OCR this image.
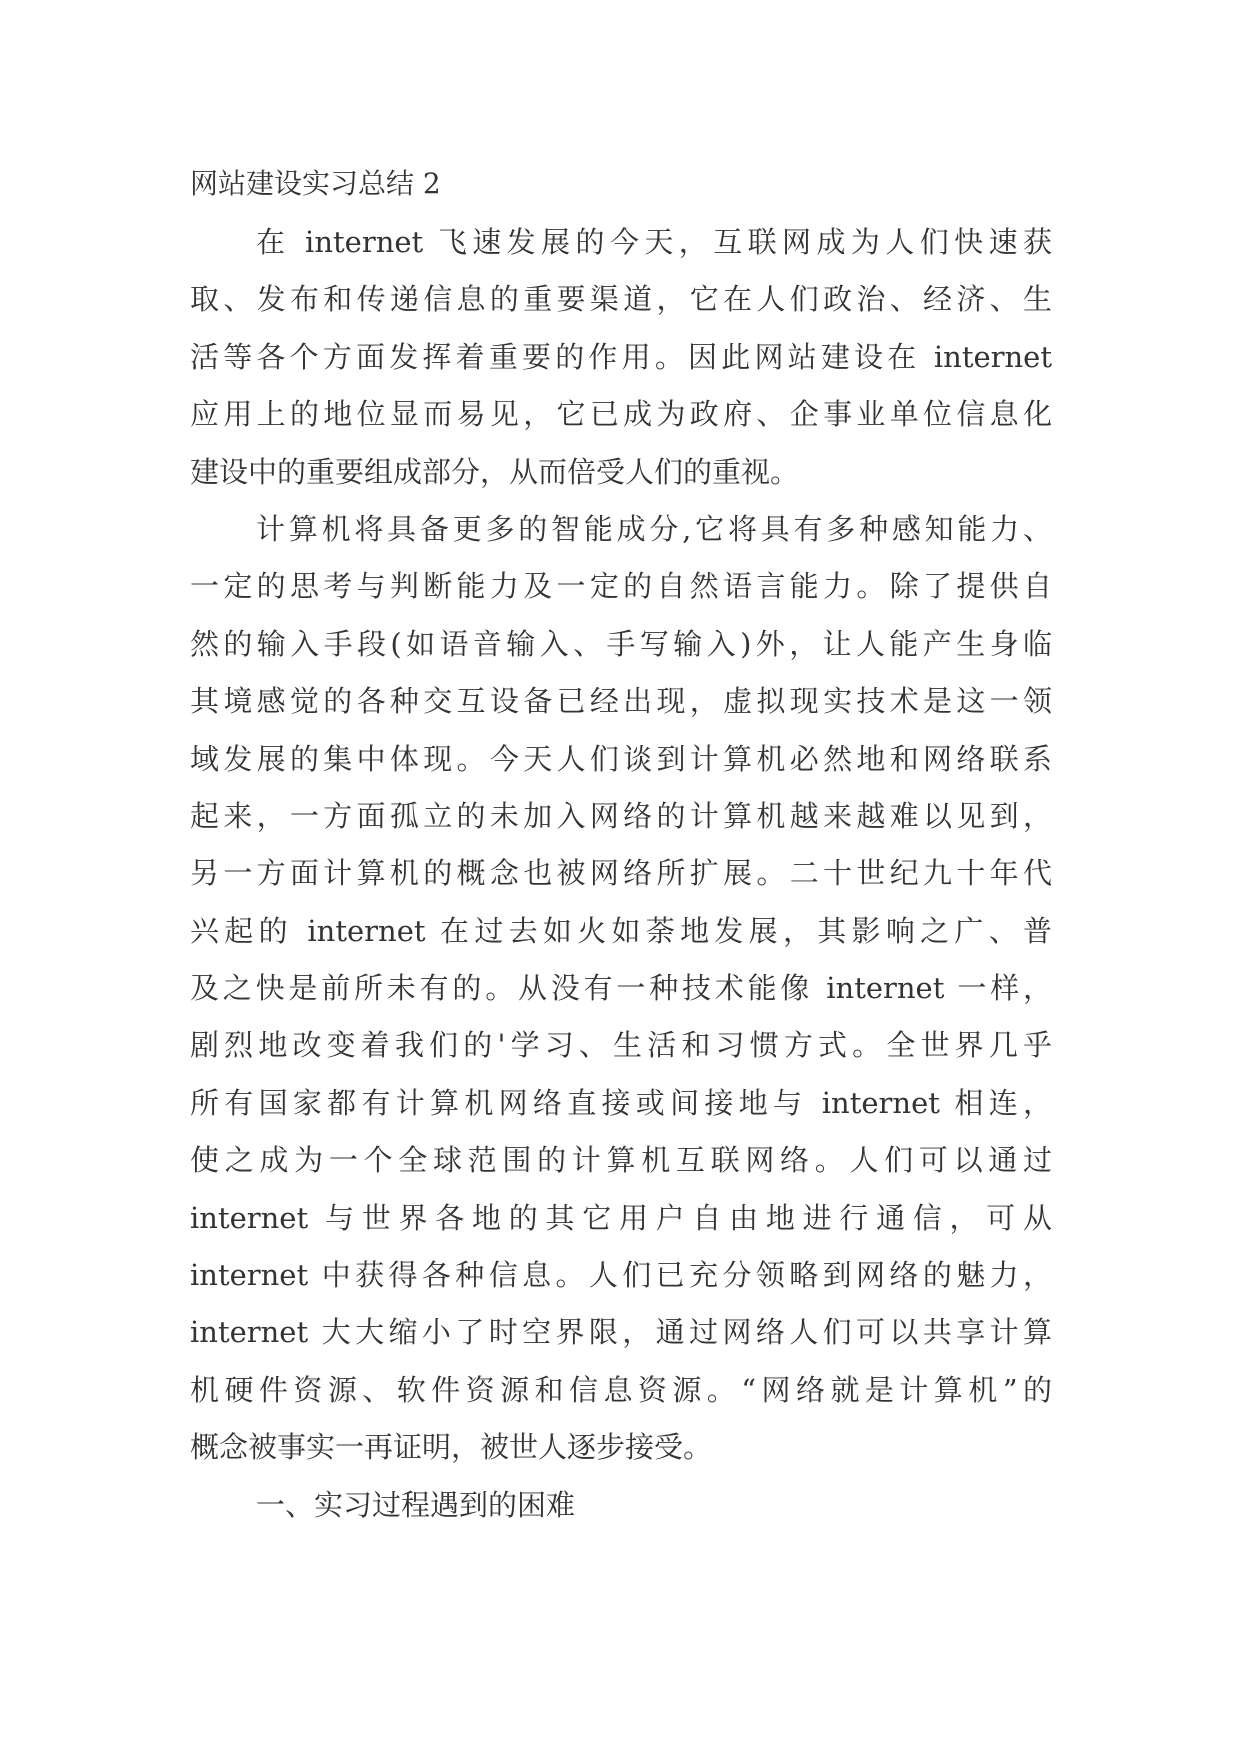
网站建设实习总结 2
在 internet 飞速发展的今天，互联网成为人们快速获
取、发布和传递信息的重要渠道，它在人们政治、经济、生
活等各个方面发挥着重要的作用。因此网站建设在 internet
应用上的地位显而易见，它已成为政府、企事业单位信息化
建设中的重要组成部分，从而倍受人们的重视。
计算机将具备更多的智能成分,它将具有多种感知能力、
一定的思考与判断能力及一定的自然语言能力。除了提供自
然的输入手段(如语音输入、手写输入)外，让人能产生身临
其境感觉的各种交互设备已经出现，虚拟现实技术是这一领
域发展的集中体现。今天人们谈到计算机必然地和网络联系
起来，一方面孤立的未加入网络的计算机越来越难以见到，
另一方面计算机的概念也被网络所扩展。二十世纪九十年代
兴起的 internet 在过去如火如荼地发展，其影响之广、普
及之快是前所未有的。从没有一种技术能像 internet 一样，
剧烈地改变着我们的'学习、生活和习惯方式。全世界几乎
所有国家都有计算机网络直接或间接地与 internet 相连，
使之成为一个全球范围的计算机互联网络。人们可以通过
internet 与世界各地的其它用户自由地进行通信，可从
internet 中获得各种信息。人们已充分领略到网络的魅力，
internet 大大缩小了时空界限，通过网络人们可以共享计算
机硬件资源、软件资源和信息资源。“网络就是计算机”的
概念被事实一再证明，被世人逐步接受。
一、实习过程遇到的困难
